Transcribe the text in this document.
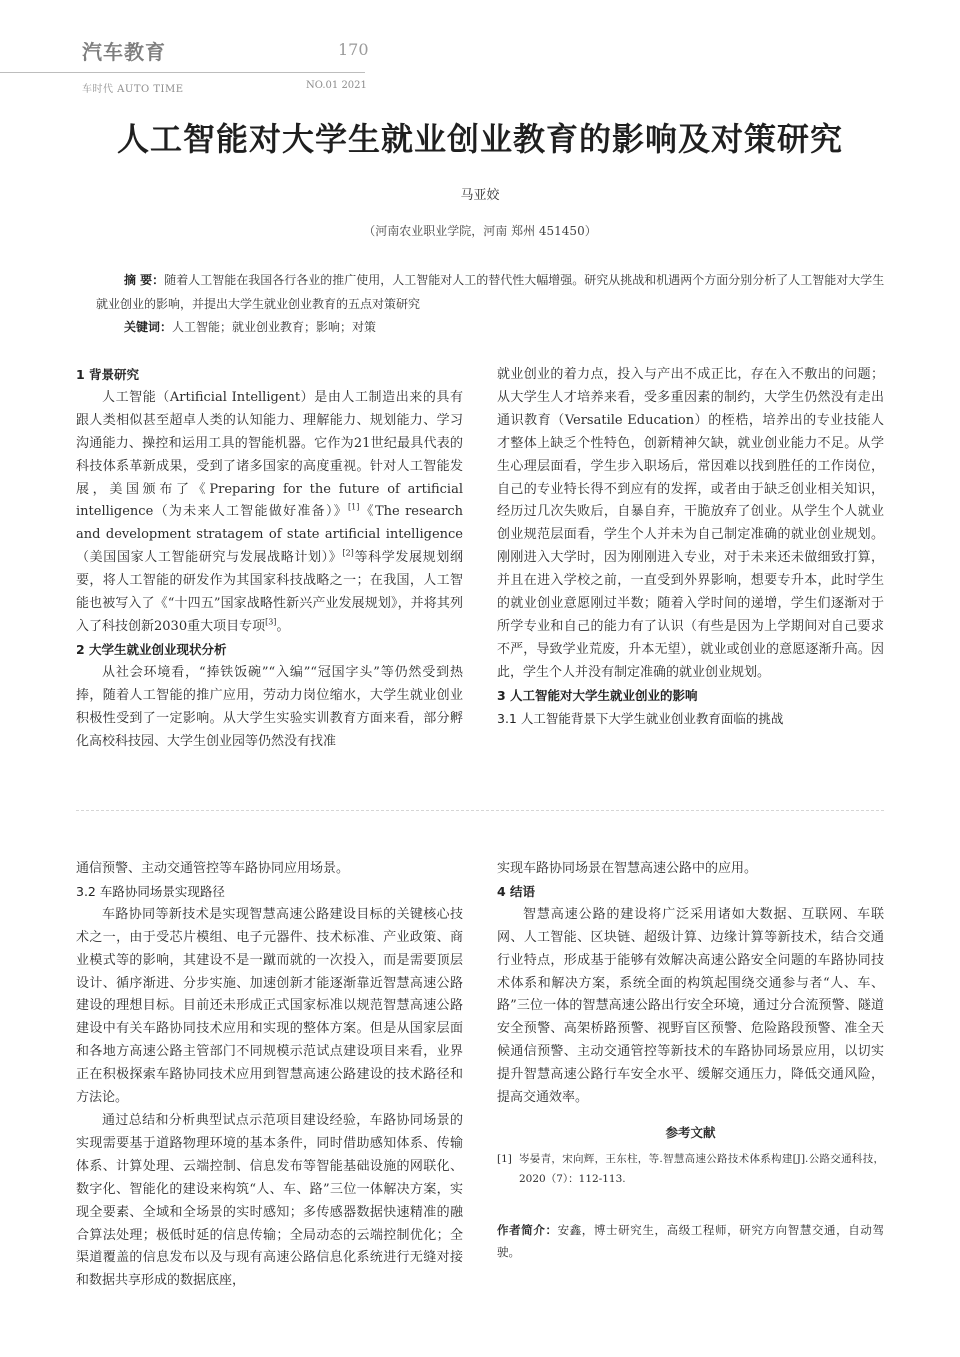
汽车教育	170
车时代 AUTO TIME	NO.01 2021
人工智能对大学生就业创业教育的影响及对策研究
马亚姣
（河南农业职业学院，河南 郑州 451450）

摘 要：随着人工智能在我国各行各业的推广使用，人工智能对人工的替代性大幅增强。研究从挑战和机遇两个方面分别分析了人工智能对大学生就业创业的影响，并提出大学生就业创业教育的五点对策研究

关键词：人工智能；就业创业教育；影响；对策
1 背景研究

人工智能（Artificial Intelligent）是由人工制造出来的具有跟人类相似甚至超卓人类的认知能力、理解能力、规划能力、学习沟通能力、操控和运用工具的智能机器。它作为21世纪最具代表的科技体系革新成果，受到了诸多国家的高度重视。针对人工智能发展，美国颁布了《Preparing for the future of artificial intelligence（为未来人工智能做好准备）》[1]《The research and development stratagem of state artificial intelligence（美国国家人工智能研究与发展战略计划）》[2]等科学发展规划纲要，将人工智能的研发作为其国家科技战略之一；在我国，人工智能也被写入了《“十四五”国家战略性新兴产业发展规划》，并将其列入了科技创新2030重大项目专项[3]。

2 大学生就业创业现状分析

从社会环境看，“捧铁饭碗”“入编”“冠国字头”等仍然受到热捧，随着人工智能的推广应用，劳动力岗位缩水，大学生就业创业积极性受到了一定影响。从大学生实验实训教育方面来看，部分孵化高校科技园、大学生创业园等仍然没有找准

就业创业的着力点，投入与产出不成正比，存在入不敷出的问题；从大学生人才培养来看，受多重因素的制约，大学生仍然没有走出通识教育（Versatile Education）的桎梏，培养出的专业技能人才整体上缺乏个性特色，创新精神欠缺，就业创业能力不足。从学生心理层面看，学生步入职场后，常因难以找到胜任的工作岗位，自己的专业特长得不到应有的发挥，或者由于缺乏创业相关知识，经历过几次失败后，自暴自弃，干脆放弃了创业。从学生个人就业创业规范层面看，学生个人并未为自己制定准确的就业创业规划。刚刚进入大学时，因为刚刚进入专业，对于未来还未做细致打算，并且在进入学校之前，一直受到外界影响，想要专升本，此时学生的就业创业意愿刚过半数；随着入学时间的递增，学生们逐渐对于所学专业和自己的能力有了认识（有些是因为上学期间对自己要求不严，导致学业荒废，升本无望），就业或创业的意愿逐渐升高。因此，学生个人并没有制定准确的就业创业规划。

3 人工智能对大学生就业创业的影响
3.1 人工智能背景下大学生就业创业教育面临的挑战

通信预警、主动交通管控等车路协同应用场景。

3.2 车路协同场景实现路径

车路协同等新技术是实现智慧高速公路建设目标的关键核心技术之一，由于受芯片模组、电子元器件、技术标准、产业政策、商业模式等的影响，其建设不是一蹴而就的一次投入，而是需要顶层设计、循序渐进、分步实施、加速创新才能逐渐靠近智慧高速公路建设的理想目标。目前还未形成正式国家标准以规范智慧高速公路建设中有关车路协同技术应用和实现的整体方案。但是从国家层面和各地方高速公路主管部门不同规模示范试点建设项目来看，业界正在积极探索车路协同技术应用到智慧高速公路建设的技术路径和方法论。

通过总结和分析典型试点示范项目建设经验，车路协同场景的实现需要基于道路物理环境的基本条件，同时借助感知体系、传输体系、计算处理、云端控制、信息发布等智能基础设施的网联化、数字化、智能化的建设来构筑“人、车、路”三位一体解决方案，实现全要素、全域和全场景的实时感知；多传感器数据快速精准的融合算法处理；极低时延的信息传输；全局动态的云端控制优化；全渠道覆盖的信息发布以及与现有高速公路信息化系统进行无缝对接和数据共享形成的数据底座，

实现车路协同场景在智慧高速公路中的应用。

4 结语

智慧高速公路的建设将广泛采用诸如大数据、互联网、车联网、人工智能、区块链、超级计算、边缘计算等新技术，结合交通行业特点，形成基于能够有效解决高速公路安全问题的车路协同技术体系和解决方案，系统全面的构筑起围绕交通参与者“人、车、路”三位一体的智慧高速公路出行安全环境，通过分合流预警、隧道安全预警、高架桥路预警、视野盲区预警、危险路段预警、准全天候通信预警、主动交通管控等新技术的车路协同场景应用，以切实提升智慧高速公路行车安全水平、缓解交通压力，降低交通风险，提高交通效率。

参考文献

[1] 岑晏青，宋向辉，王东柱，等.智慧高速公路技术体系构建[J].公路交通科技，2020（7）：112-113.

作者简介：安鑫，博士研究生，高级工程师，研究方向智慧交通，自动驾驶。
